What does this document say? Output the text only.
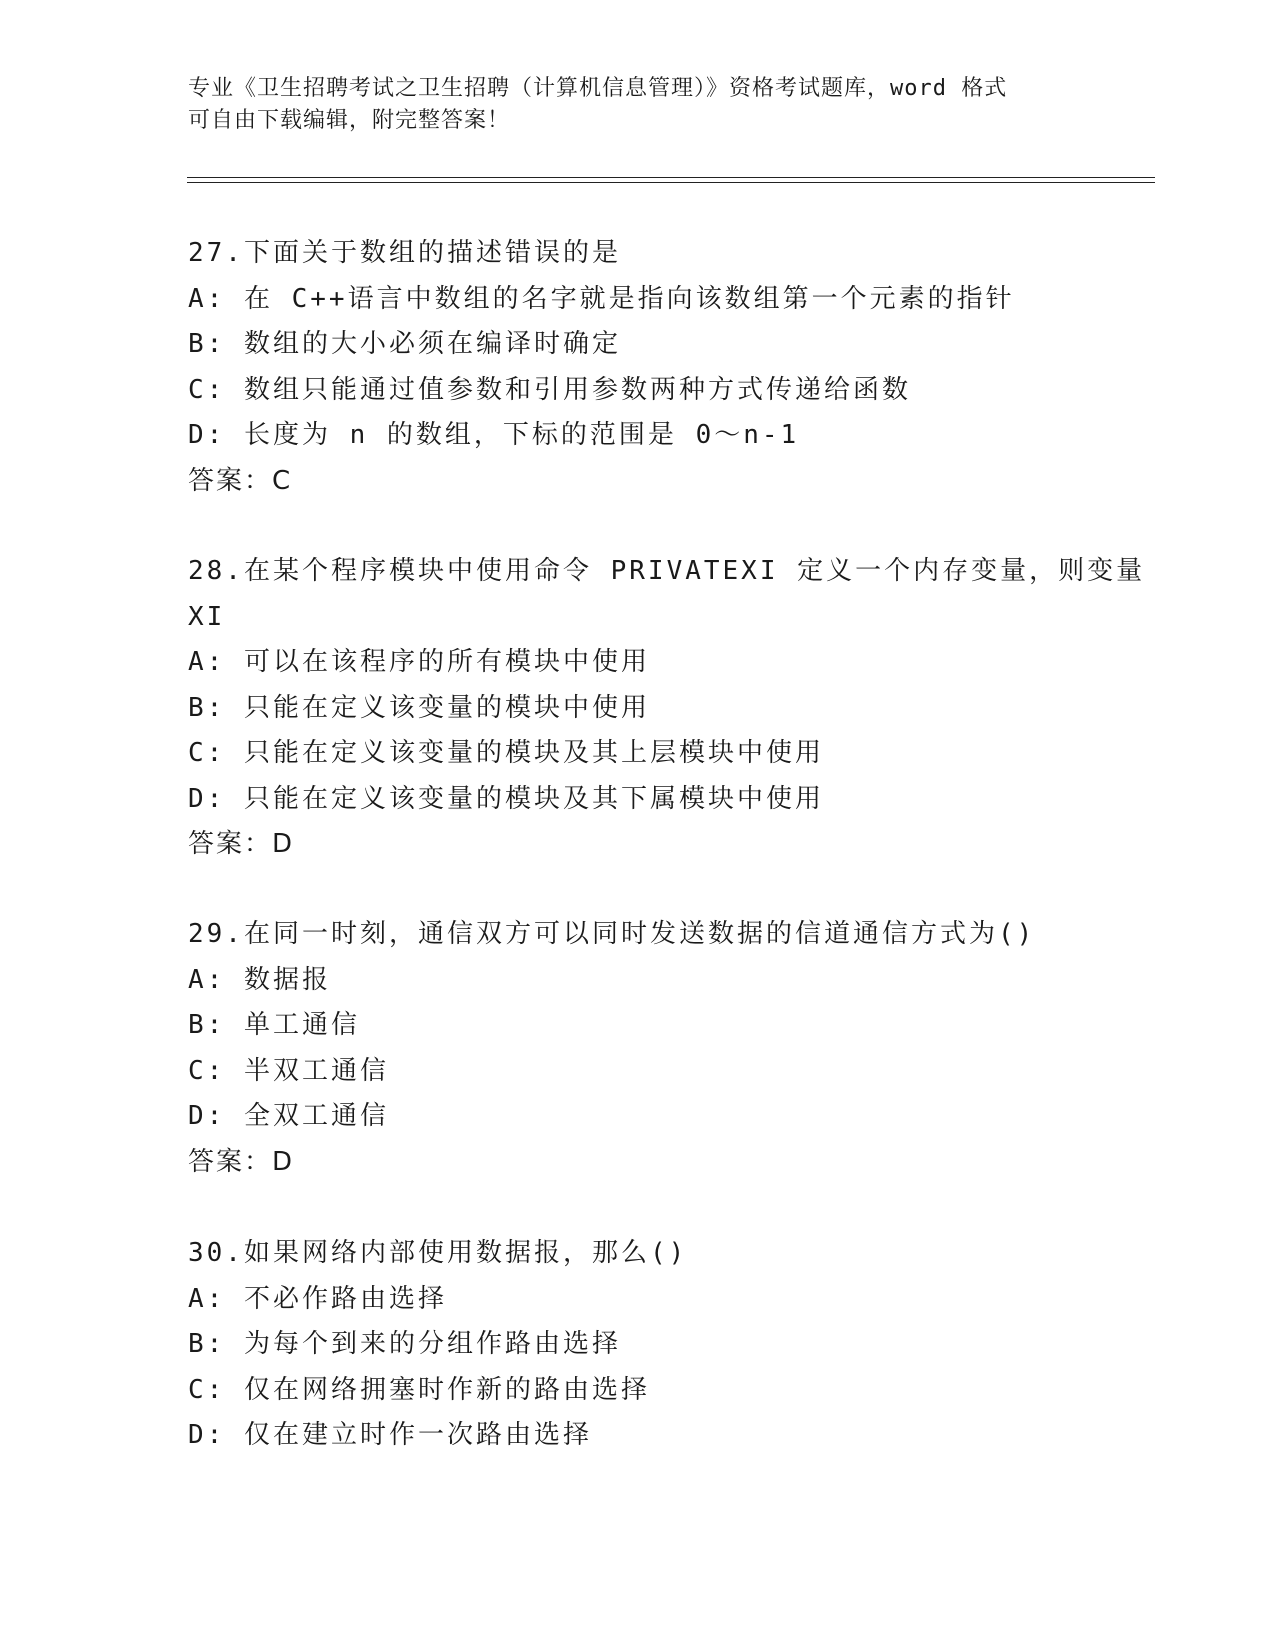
专业《卫生招聘考试之卫生招聘（计算机信息管理）》资格考试题库，word 格式
可自由下载编辑，附完整答案！
27.下面关于数组的描述错误的是
A: 在 C++语言中数组的名字就是指向该数组第一个元素的指针
B: 数组的大小必须在编译时确定
C: 数组只能通过值参数和引用参数两种方式传递给函数
D: 长度为 n 的数组，下标的范围是 0～n-1
答案：C
28.在某个程序模块中使用命令 PRIVATEXI 定义一个内存变量，则变量
XI
A: 可以在该程序的所有模块中使用
B: 只能在定义该变量的模块中使用
C: 只能在定义该变量的模块及其上层模块中使用
D: 只能在定义该变量的模块及其下属模块中使用
答案：D
29.在同一时刻，通信双方可以同时发送数据的信道通信方式为()
A: 数据报
B: 单工通信
C: 半双工通信
D: 全双工通信
答案：D
30.如果网络内部使用数据报，那么()
A: 不必作路由选择
B: 为每个到来的分组作路由选择
C: 仅在网络拥塞时作新的路由选择
D: 仅在建立时作一次路由选择
